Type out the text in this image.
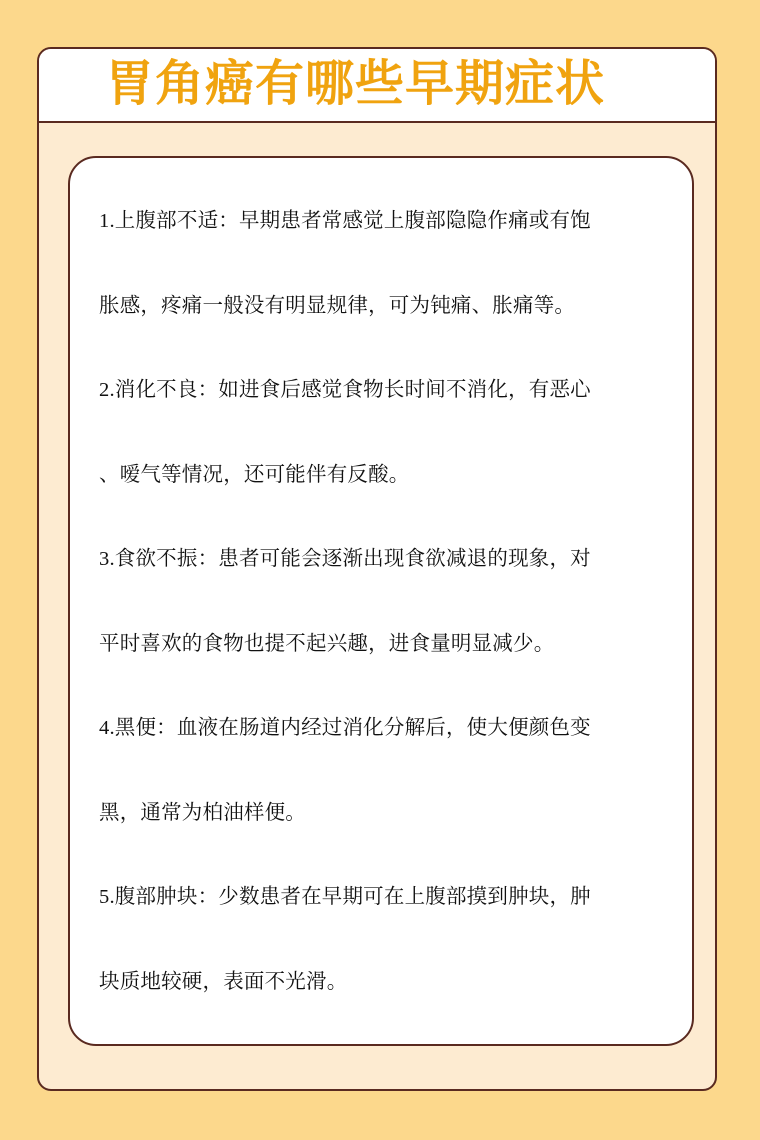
胃角癌有哪些早期症状
1.上腹部不适：早期患者常感觉上腹部隐隐作痛或有饱
胀感，疼痛一般没有明显规律，可为钝痛、胀痛等。
2.消化不良：如进食后感觉食物长时间不消化，有恶心
、嗳气等情况，还可能伴有反酸。
3.食欲不振：患者可能会逐渐出现食欲减退的现象，对
平时喜欢的食物也提不起兴趣，进食量明显减少。
4.黑便：血液在肠道内经过消化分解后，使大便颜色变
黑，通常为柏油样便。
5.腹部肿块：少数患者在早期可在上腹部摸到肿块，肿
块质地较硬，表面不光滑。
